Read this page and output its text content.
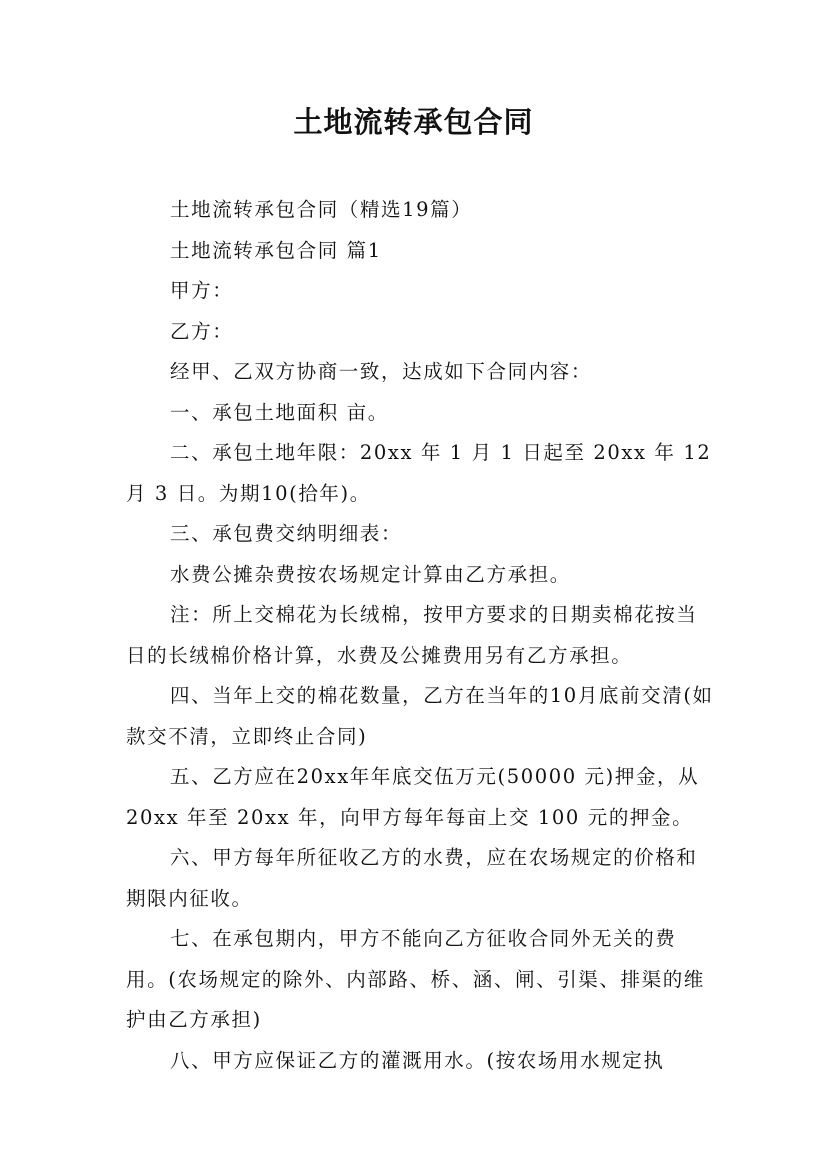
土地流转承包合同

土地流转承包合同（精选19篇）

土地流转承包合同 篇1

甲方：

乙方：

经甲、乙双方协商一致，达成如下合同内容：

一、承包土地面积 亩。

二、承包土地年限：20xx 年 1 月 1 日起至 20xx 年 12 月 3 日。为期10(拾年)。

三、承包费交纳明细表：

水费公摊杂费按农场规定计算由乙方承担。

注：所上交棉花为长绒棉，按甲方要求的日期卖棉花按当日的长绒棉价格计算，水费及公摊费用另有乙方承担。

四、当年上交的棉花数量，乙方在当年的10月底前交清(如款交不清，立即终止合同)

五、乙方应在20xx年年底交伍万元(50000 元)押金，从 20xx 年至 20xx 年，向甲方每年每亩上交 100 元的押金。

六、甲方每年所征收乙方的水费，应在农场规定的价格和期限内征收。

七、在承包期内，甲方不能向乙方征收合同外无关的费用。(农场规定的除外、内部路、桥、涵、闸、引渠、排渠的维护由乙方承担)

八、甲方应保证乙方的灌溉用水。(按农场用水规定执
